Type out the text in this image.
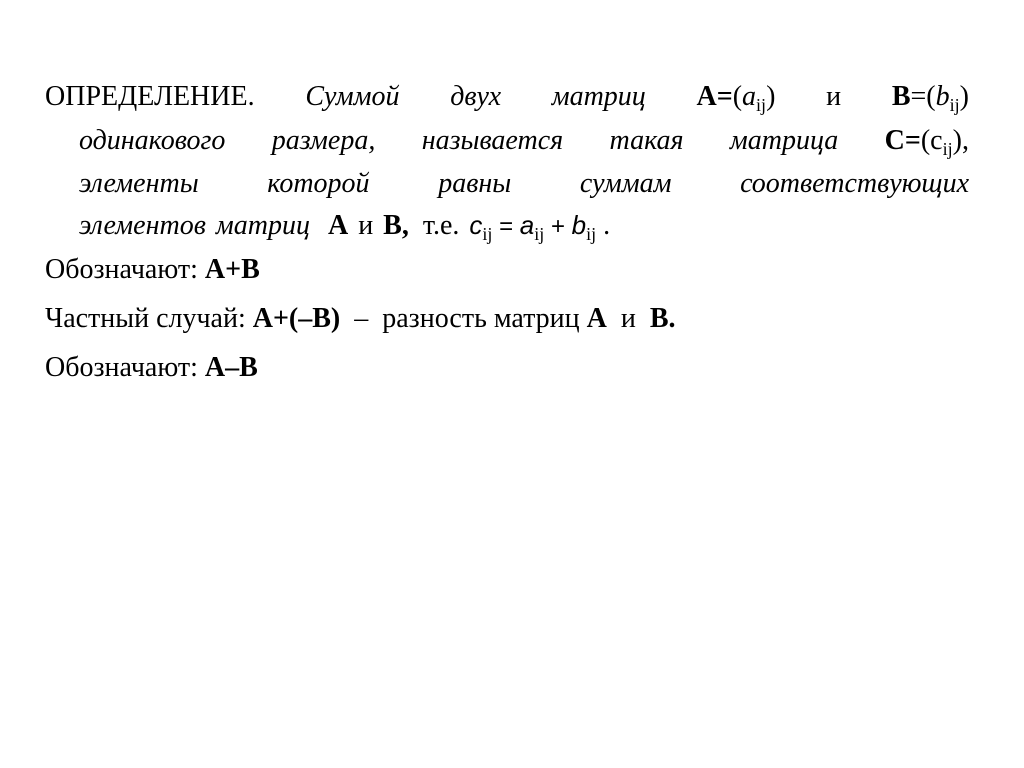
ОПРЕДЕЛЕНИЕ. Суммой двух матриц $A=(a_{ij})$ и $B=(b_{ij})$
одинакового размера, называется такая матрица $C=(c_{ij})$,
элементы которой равны суммам соответствующих
элементов матриц A и B, т.е. $c_{ij} = a_{ij} + b_{ij}$ .
Обозначают: A+B
Частный случай: A+(–B)  –  разность матриц A  и  B.
Обозначают: A–B
